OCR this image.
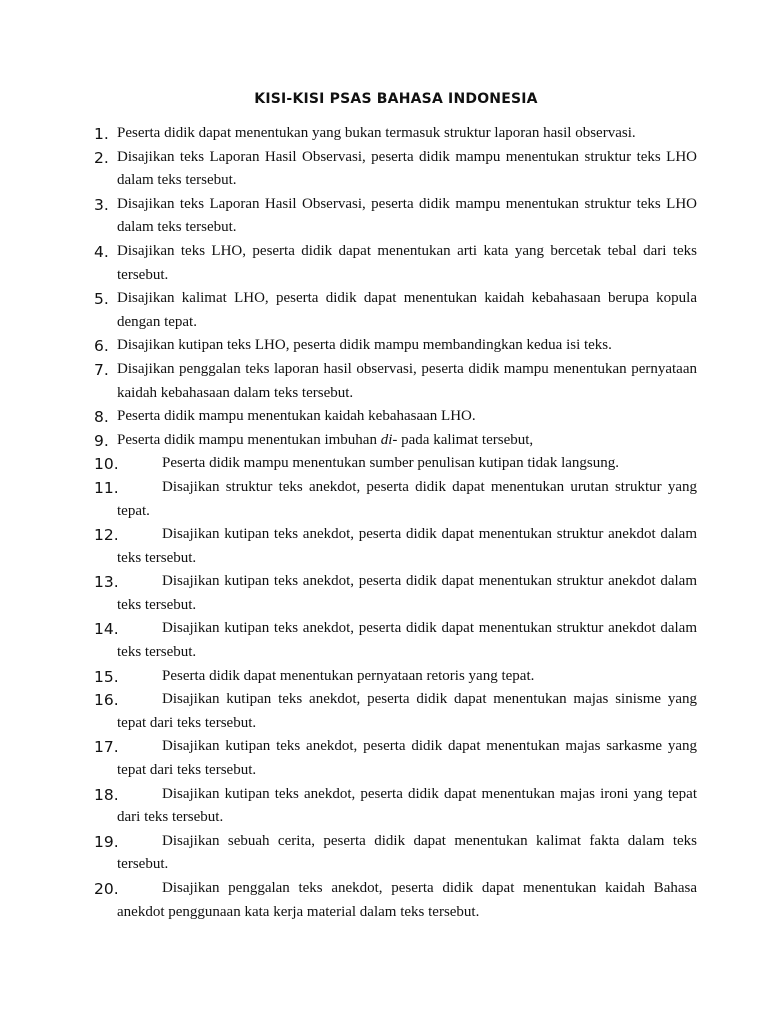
KISI-KISI PSAS BAHASA INDONESIA
1. Peserta didik dapat menentukan yang bukan termasuk struktur laporan hasil observasi.
2. Disajikan teks Laporan Hasil Observasi, peserta didik mampu menentukan struktur teks LHO dalam teks tersebut.
3. Disajikan teks Laporan Hasil Observasi, peserta didik mampu menentukan struktur teks LHO dalam teks tersebut.
4. Disajikan teks LHO, peserta didik dapat menentukan arti kata yang bercetak tebal dari teks tersebut.
5. Disajikan kalimat LHO, peserta didik dapat menentukan kaidah kebahasaan berupa kopula dengan tepat.
6. Disajikan kutipan teks LHO, peserta didik mampu membandingkan kedua isi teks.
7. Disajikan penggalan teks laporan hasil observasi, peserta didik mampu menentukan pernyataan kaidah kebahasaan dalam teks tersebut.
8. Peserta didik mampu menentukan kaidah kebahasaan LHO.
9. Peserta didik mampu menentukan imbuhan di- pada kalimat tersebut,
10.	Peserta didik mampu menentukan sumber penulisan kutipan tidak langsung.
11.	Disajikan struktur teks anekdot, peserta didik dapat menentukan urutan struktur yang tepat.
12.	Disajikan kutipan teks anekdot, peserta didik dapat menentukan struktur anekdot dalam teks tersebut.
13.	Disajikan kutipan teks anekdot, peserta didik dapat menentukan struktur anekdot dalam teks tersebut.
14.	Disajikan kutipan teks anekdot, peserta didik dapat menentukan struktur anekdot dalam teks tersebut.
15.	Peserta didik dapat menentukan pernyataan retoris yang tepat.
16.	Disajikan kutipan teks anekdot, peserta didik dapat menentukan majas sinisme yang tepat dari teks tersebut.
17.	Disajikan kutipan teks anekdot, peserta didik dapat menentukan majas sarkasme yang tepat dari teks tersebut.
18.	Disajikan kutipan teks anekdot, peserta didik dapat menentukan majas ironi yang tepat dari teks tersebut.
19.	Disajikan sebuah cerita, peserta didik dapat menentukan kalimat fakta dalam teks tersebut.
20.	Disajikan penggalan teks anekdot, peserta didik dapat menentukan kaidah Bahasa anekdot penggunaan kata kerja material dalam teks tersebut.
